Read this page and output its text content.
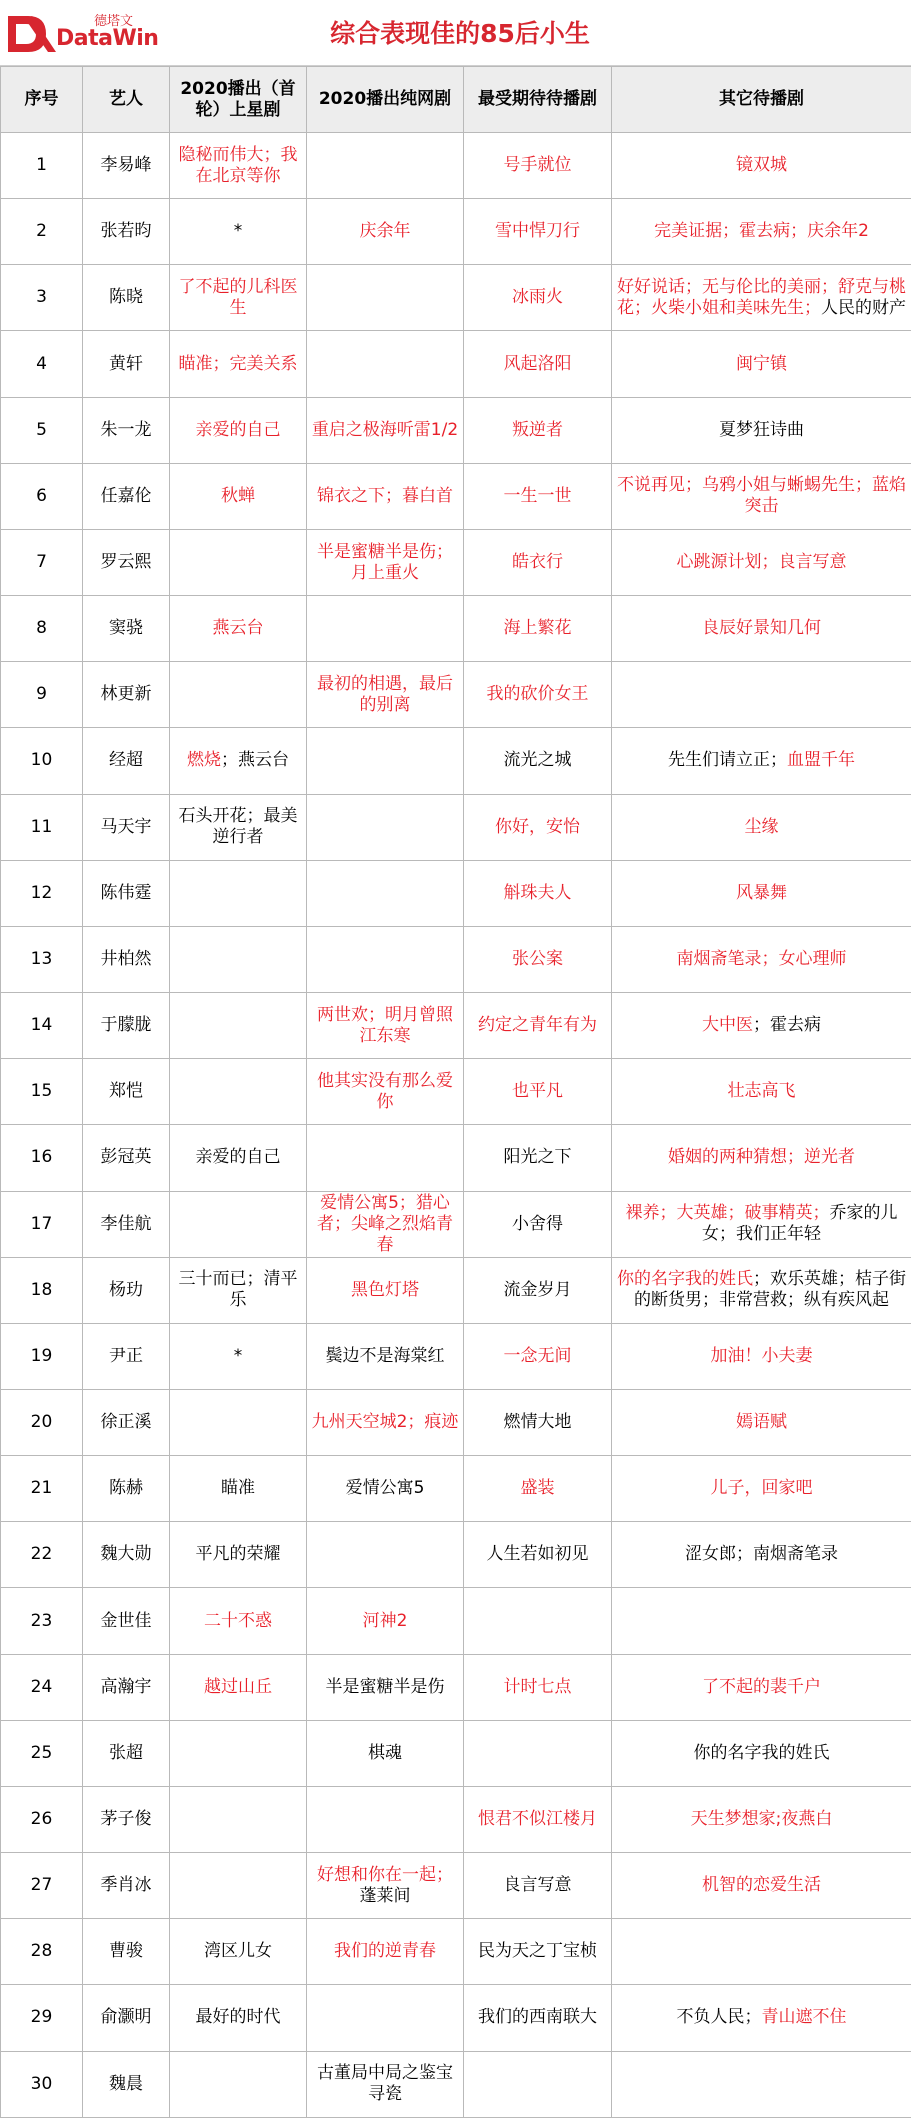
德塔文
DataWin	综合表现佳的85后小生
序号	艺人	2020播出（首轮）上星剧	2020播出纯网剧	最受期待待播剧	其它待播剧
1	李易峰	隐秘而伟大；我在北京等你		号手就位	镜双城
2	张若昀	*	庆余年	雪中悍刀行	完美证据；霍去病；庆余年2
3	陈晓	了不起的儿科医生		冰雨火	好好说话；无与伦比的美丽；舒克与桃花；火柴小姐和美味先生；人民的财产
4	黄轩	瞄准；完美关系		风起洛阳	闽宁镇
5	朱一龙	亲爱的自己	重启之极海听雷1/2	叛逆者	夏梦狂诗曲
6	任嘉伦	秋蝉	锦衣之下；暮白首	一生一世	不说再见；乌鸦小姐与蜥蜴先生；蓝焰突击
7	罗云熙		半是蜜糖半是伤；月上重火	皓衣行	心跳源计划；良言写意
8	窦骁	燕云台		海上繁花	良辰好景知几何
9	林更新		最初的相遇，最后的别离	我的砍价女王	
10	经超	燃烧；燕云台		流光之城	先生们请立正；血盟千年
11	马天宇	石头开花；最美逆行者		你好，安怡	尘缘
12	陈伟霆			斛珠夫人	风暴舞
13	井柏然			张公案	南烟斋笔录；女心理师
14	于朦胧		两世欢；明月曾照江东寒	约定之青年有为	大中医；霍去病
15	郑恺		他其实没有那么爱你	也平凡	壮志高飞
16	彭冠英	亲爱的自己		阳光之下	婚姻的两种猜想；逆光者
17	李佳航		爱情公寓5；猎心者；尖峰之烈焰青春	小舍得	裸养；大英雄；破事精英；乔家的儿女；我们正年轻
18	杨玏	三十而已；清平乐	黑色灯塔	流金岁月	你的名字我的姓氏；欢乐英雄；桔子街的断货男；非常营救；纵有疾风起
19	尹正	*	鬓边不是海棠红	一念无间	加油！小夫妻
20	徐正溪		九州天空城2；痕迹	燃情大地	嫣语赋
21	陈赫	瞄准	爱情公寓5	盛装	儿子，回家吧
22	魏大勋	平凡的荣耀		人生若如初见	涩女郎；南烟斋笔录
23	金世佳	二十不惑	河神2		
24	高瀚宇	越过山丘	半是蜜糖半是伤	计时七点	了不起的裴千户
25	张超		棋魂		你的名字我的姓氏
26	茅子俊			恨君不似江楼月	天生梦想家;夜燕白
27	季肖冰		好想和你在一起；蓬莱间	良言写意	机智的恋爱生活
28	曹骏	湾区儿女	我们的逆青春	民为天之丁宝桢	
29	俞灏明	最好的时代		我们的西南联大	不负人民；青山遮不住
30	魏晨		古董局中局之鉴宝寻瓷		
